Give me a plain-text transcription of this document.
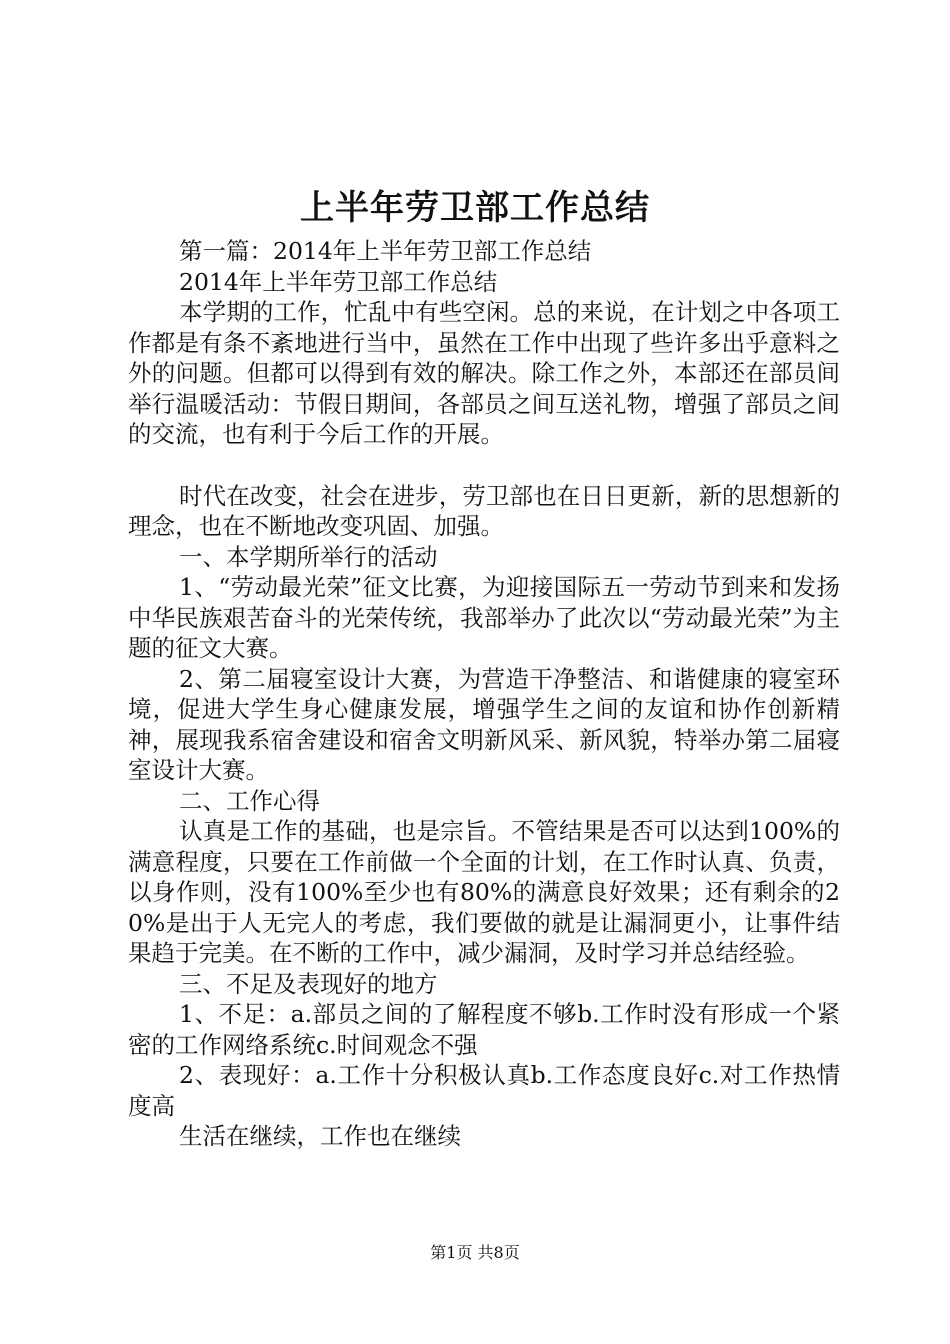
上半年劳卫部工作总结

第一篇：2014年上半年劳卫部工作总结

2014年上半年劳卫部工作总结

本学期的工作，忙乱中有些空闲。总的来说，在计划之中各项工作都是有条不紊地进行当中，虽然在工作中出现了些许多出乎意料之外的问题。但都可以得到有效的解决。除工作之外，本部还在部员间举行温暖活动：节假日期间，各部员之间互送礼物，增强了部员之间的交流，也有利于今后工作的开展。

时代在改变，社会在进步，劳卫部也在日日更新，新的思想新的理念，也在不断地改变巩固、加强。

一、本学期所举行的活动

1、“劳动最光荣”征文比赛，为迎接国际五一劳动节到来和发扬中华民族艰苦奋斗的光荣传统，我部举办了此次以“劳动最光荣”为主题的征文大赛。

2、第二届寝室设计大赛，为营造干净整洁、和谐健康的寝室环境，促进大学生身心健康发展，增强学生之间的友谊和协作创新精神，展现我系宿舍建设和宿舍文明新风采、新风貌，特举办第二届寝室设计大赛。

二、工作心得

认真是工作的基础，也是宗旨。不管结果是否可以达到100%的满意程度，只要在工作前做一个全面的计划，在工作时认真、负责，以身作则，没有100%至少也有80%的满意良好效果；还有剩余的20%是出于人无完人的考虑，我们要做的就是让漏洞更小，让事件结果趋于完美。在不断的工作中，减少漏洞，及时学习并总结经验。

三、不足及表现好的地方

1、不足：a.部员之间的了解程度不够b.工作时没有形成一个紧密的工作网络系统c.时间观念不强

2、表现好：a.工作十分积极认真b.工作态度良好c.对工作热情度高

生活在继续，工作也在继续

第1页 共8页
